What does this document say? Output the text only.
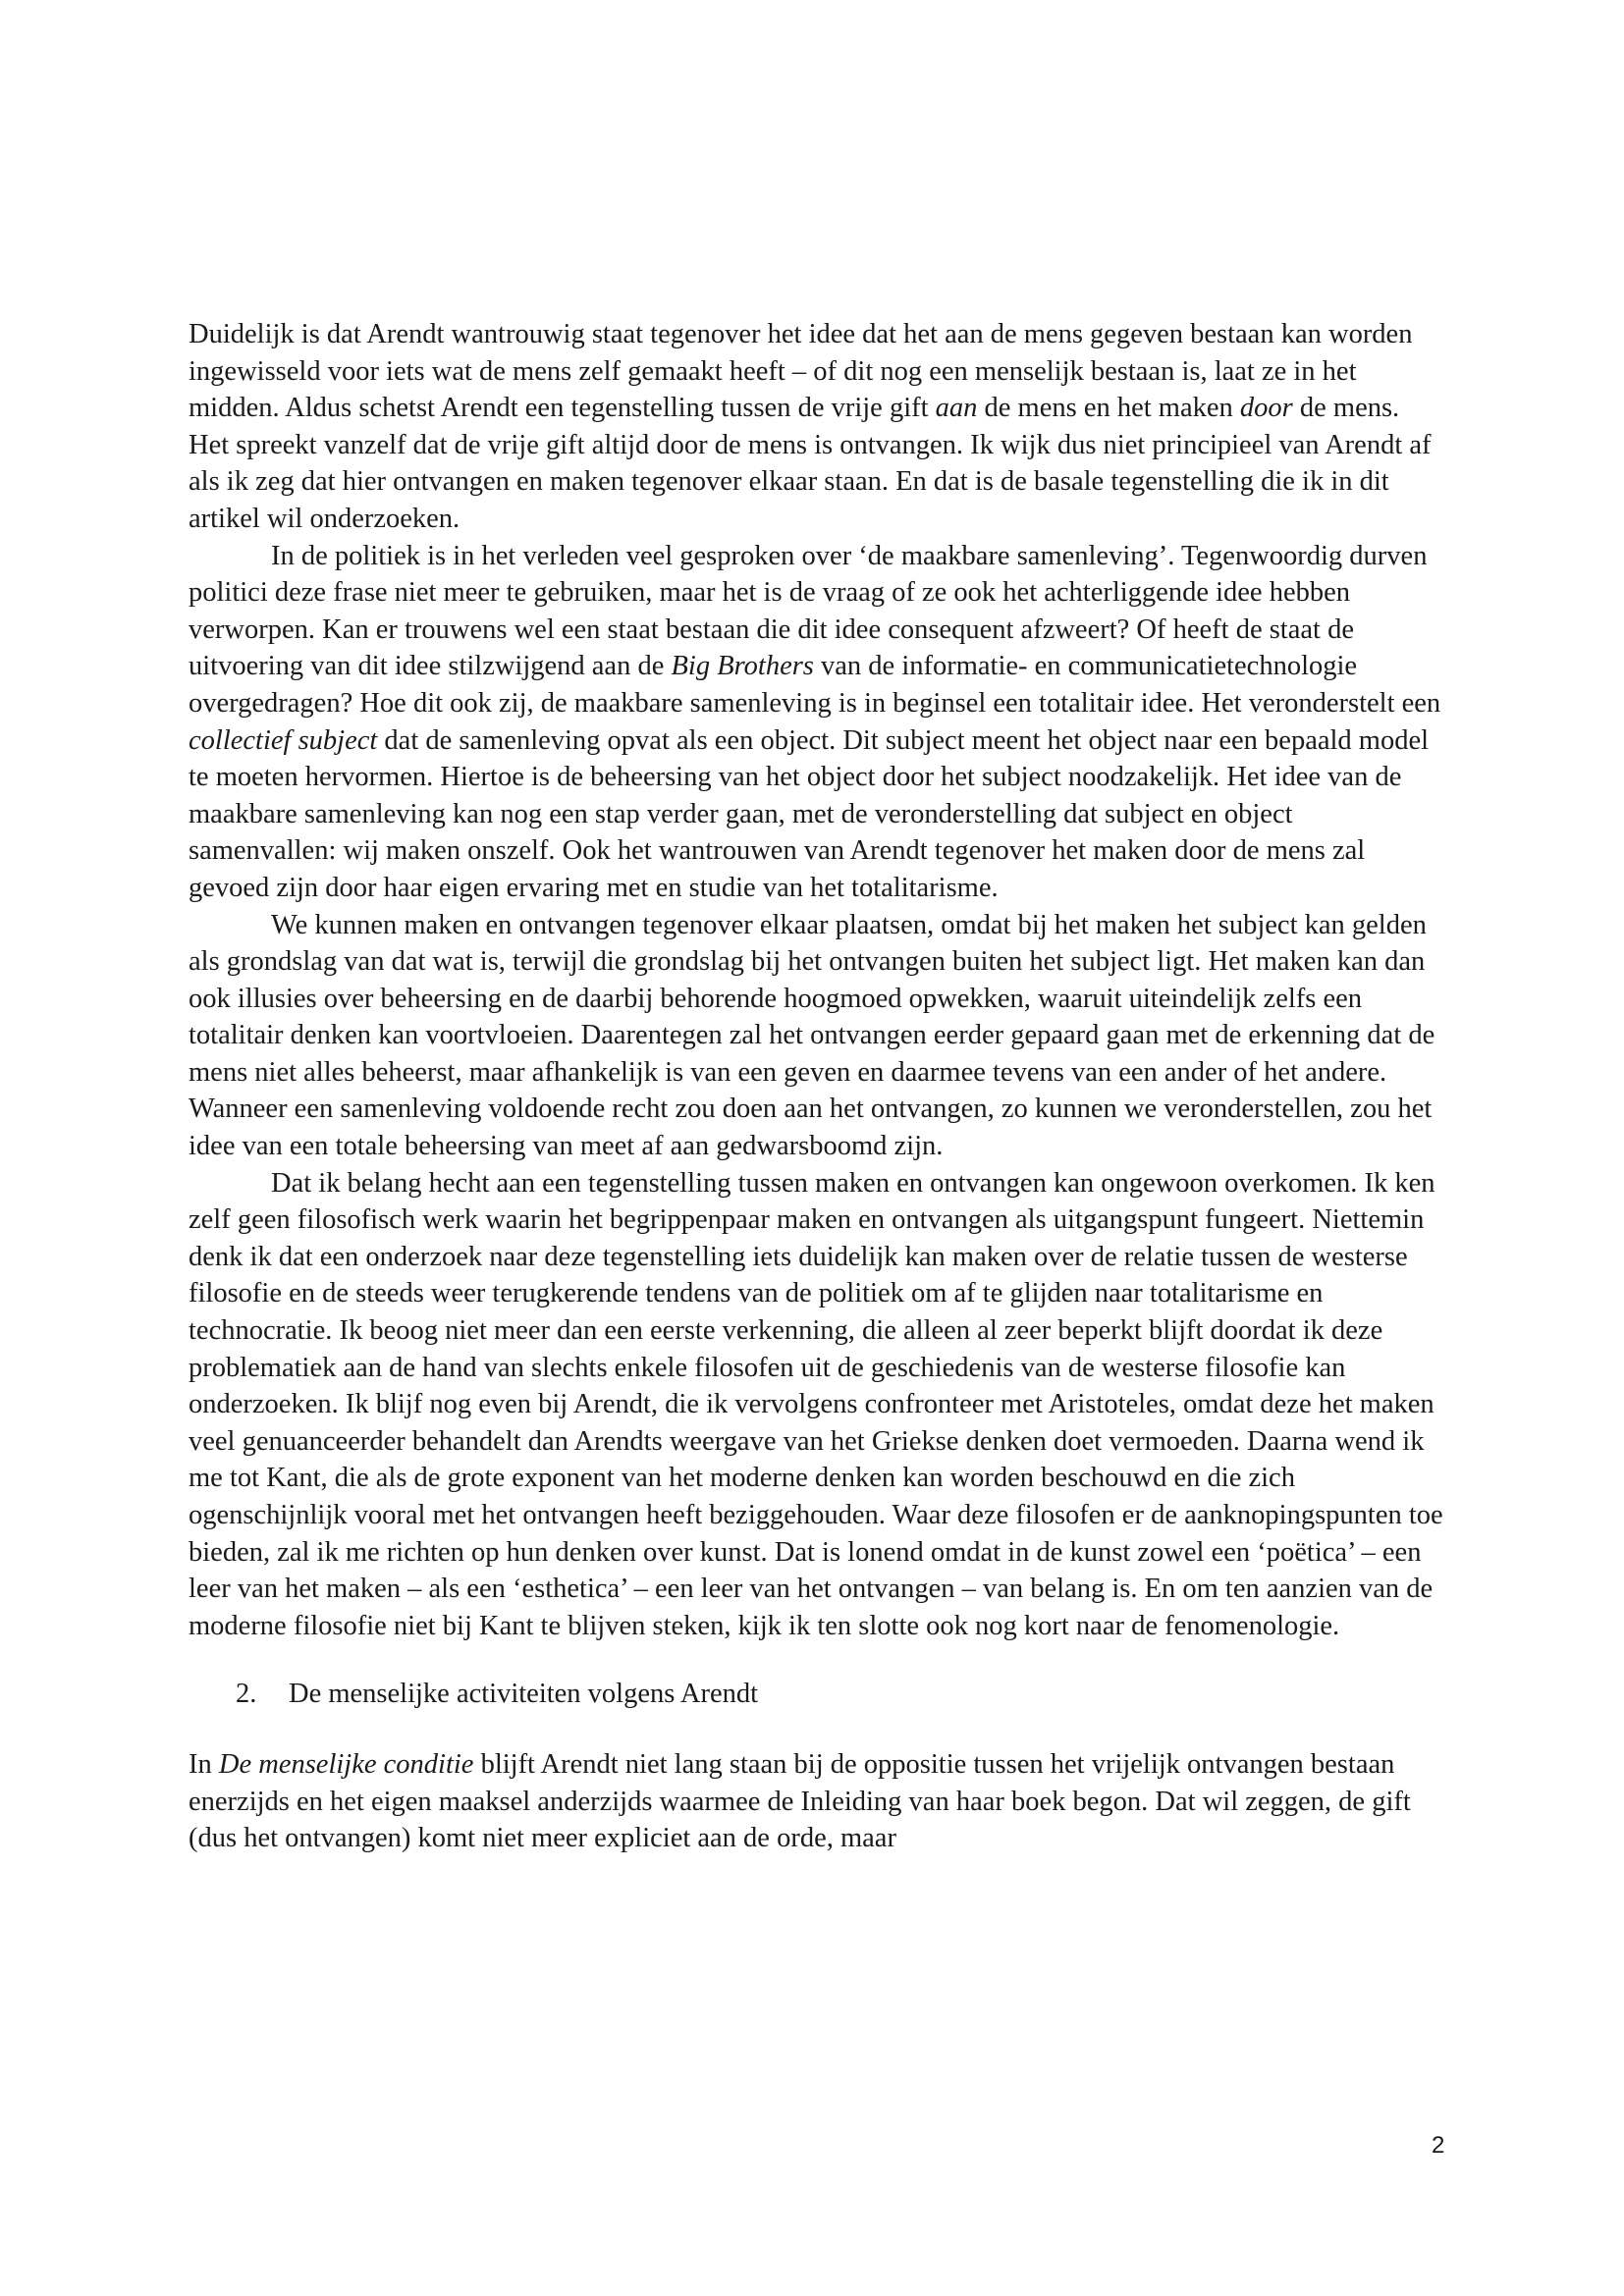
Duidelijk is dat Arendt wantrouwig staat tegenover het idee dat het aan de mens gegeven bestaan kan worden ingewisseld voor iets wat de mens zelf gemaakt heeft – of dit nog een menselijk bestaan is, laat ze in het midden. Aldus schetst Arendt een tegenstelling tussen de vrije gift aan de mens en het maken door de mens. Het spreekt vanzelf dat de vrije gift altijd door de mens is ontvangen. Ik wijk dus niet principieel van Arendt af als ik zeg dat hier ontvangen en maken tegenover elkaar staan. En dat is de basale tegenstelling die ik in dit artikel wil onderzoeken.

In de politiek is in het verleden veel gesproken over ‘de maakbare samenleving’. Tegenwoordig durven politici deze frase niet meer te gebruiken, maar het is de vraag of ze ook het achterliggende idee hebben verworpen. Kan er trouwens wel een staat bestaan die dit idee consequent afzweert? Of heeft de staat de uitvoering van dit idee stilzwijgend aan de Big Brothers van de informatie- en communicatietechnologie overgedragen? Hoe dit ook zij, de maakbare samenleving is in beginsel een totalitair idee. Het veronderstelt een collectief subject dat de samenleving opvat als een object. Dit subject meent het object naar een bepaald model te moeten hervormen. Hiertoe is de beheersing van het object door het subject noodzakelijk. Het idee van de maakbare samenleving kan nog een stap verder gaan, met de veronderstelling dat subject en object samenvallen: wij maken onszelf. Ook het wantrouwen van Arendt tegenover het maken door de mens zal gevoed zijn door haar eigen ervaring met en studie van het totalitarisme.

We kunnen maken en ontvangen tegenover elkaar plaatsen, omdat bij het maken het subject kan gelden als grondslag van dat wat is, terwijl die grondslag bij het ontvangen buiten het subject ligt. Het maken kan dan ook illusies over beheersing en de daarbij behorende hoogmoed opwekken, waaruit uiteindelijk zelfs een totalitair denken kan voortvloeien. Daarentegen zal het ontvangen eerder gepaard gaan met de erkenning dat de mens niet alles beheerst, maar afhankelijk is van een geven en daarmee tevens van een ander of het andere. Wanneer een samenleving voldoende recht zou doen aan het ontvangen, zo kunnen we veronderstellen, zou het idee van een totale beheersing van meet af aan gedwarsboomd zijn.

Dat ik belang hecht aan een tegenstelling tussen maken en ontvangen kan ongewoon overkomen. Ik ken zelf geen filosofisch werk waarin het begrippenpaar maken en ontvangen als uitgangspunt fungeert. Niettemin denk ik dat een onderzoek naar deze tegenstelling iets duidelijk kan maken over de relatie tussen de westerse filosofie en de steeds weer terugkerende tendens van de politiek om af te glijden naar totalitarisme en technocratie. Ik beoog niet meer dan een eerste verkenning, die alleen al zeer beperkt blijft doordat ik deze problematiek aan de hand van slechts enkele filosofen uit de geschiedenis van de westerse filosofie kan onderzoeken. Ik blijf nog even bij Arendt, die ik vervolgens confronteer met Aristoteles, omdat deze het maken veel genuanceerder behandelt dan Arendts weergave van het Griekse denken doet vermoeden. Daarna wend ik me tot Kant, die als de grote exponent van het moderne denken kan worden beschouwd en die zich ogenschijnlijk vooral met het ontvangen heeft beziggehouden. Waar deze filosofen er de aanknopingspunten toe bieden, zal ik me richten op hun denken over kunst. Dat is lonend omdat in de kunst zowel een ‘poëtica’ – een leer van het maken – als een ‘esthetica’ – een leer van het ontvangen – van belang is. En om ten aanzien van de moderne filosofie niet bij Kant te blijven steken, kijk ik ten slotte ook nog kort naar de fenomenologie.

2. De menselijke activiteiten volgens Arendt

In De menselijke conditie blijft Arendt niet lang staan bij de oppositie tussen het vrijelijk ontvangen bestaan enerzijds en het eigen maaksel anderzijds waarmee de Inleiding van haar boek begon. Dat wil zeggen, de gift (dus het ontvangen) komt niet meer expliciet aan de orde, maar

2
